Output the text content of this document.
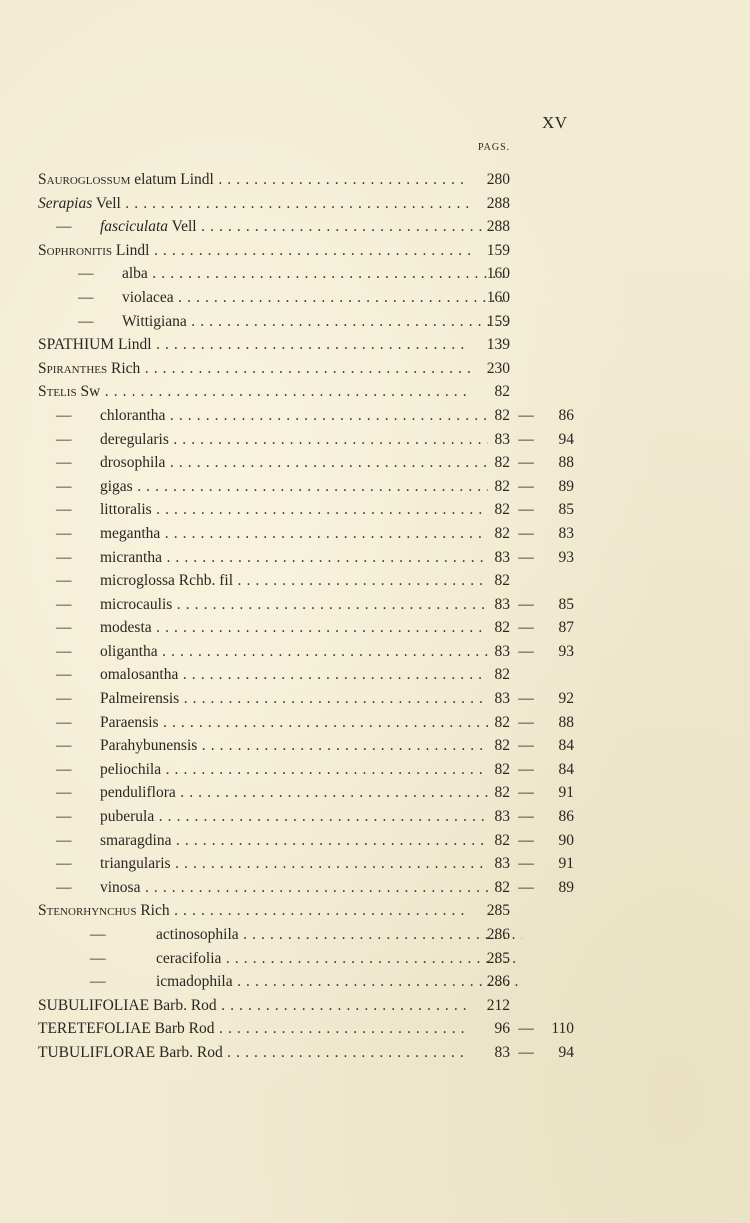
XV
PAGS.
Sauroglossum elatum Lindl . . .	280
Serapias Vell . . .	288
— fasciculata Vell . . .	288
Sophronitis Lindl . . .	159
— alba . . .	160
— violacea . . .	160
— Wittigiana . . .	159
SPATHIUM Lindl . . .	139
Spiranthes Rich . . .	230
Stelis Sw . . .	82
— chlorantha . . .	82 —	86
— deregularis . . .	83 —	94
— drosophila . . .	82 —	88
— gigas . . .	82 —	89
— littoralis . . .	82 —	85
— megantha . . .	82 —	83
— micrantha . . .	83 —	93
— microglossa Rchb. fil . . .	82
— microcaulis . . .	83 —	85
— modesta . . .	82 —	87
— oligantha . . .	83 —	93
— omalosantha . . .	82
— Palmeirensis . . .	83 —	92
— Paraensis . . .	82 —	88
— Parahybunensis . . .	82 —	84
— peliochila . . .	82 —	84
— penduliflora . . .	82 —	91
— puberula . . .	83 —	86
— smaragdina . . .	82 —	90
— triangularis . . .	83 —	91
— vinosa . . .	82 —	89
Stenorhynchus Rich . . .	285
—	actinosophila . . .	286
—	ceracifolia . . .	285
—	icmadophila . . .	286
SUBULIFOLIAE Barb. Rod . . .	212
TERETEFOLIAE Barb Rod . . .	96 —	110
TUBULIFLORAE Barb. Rod . . .	83 —	94
